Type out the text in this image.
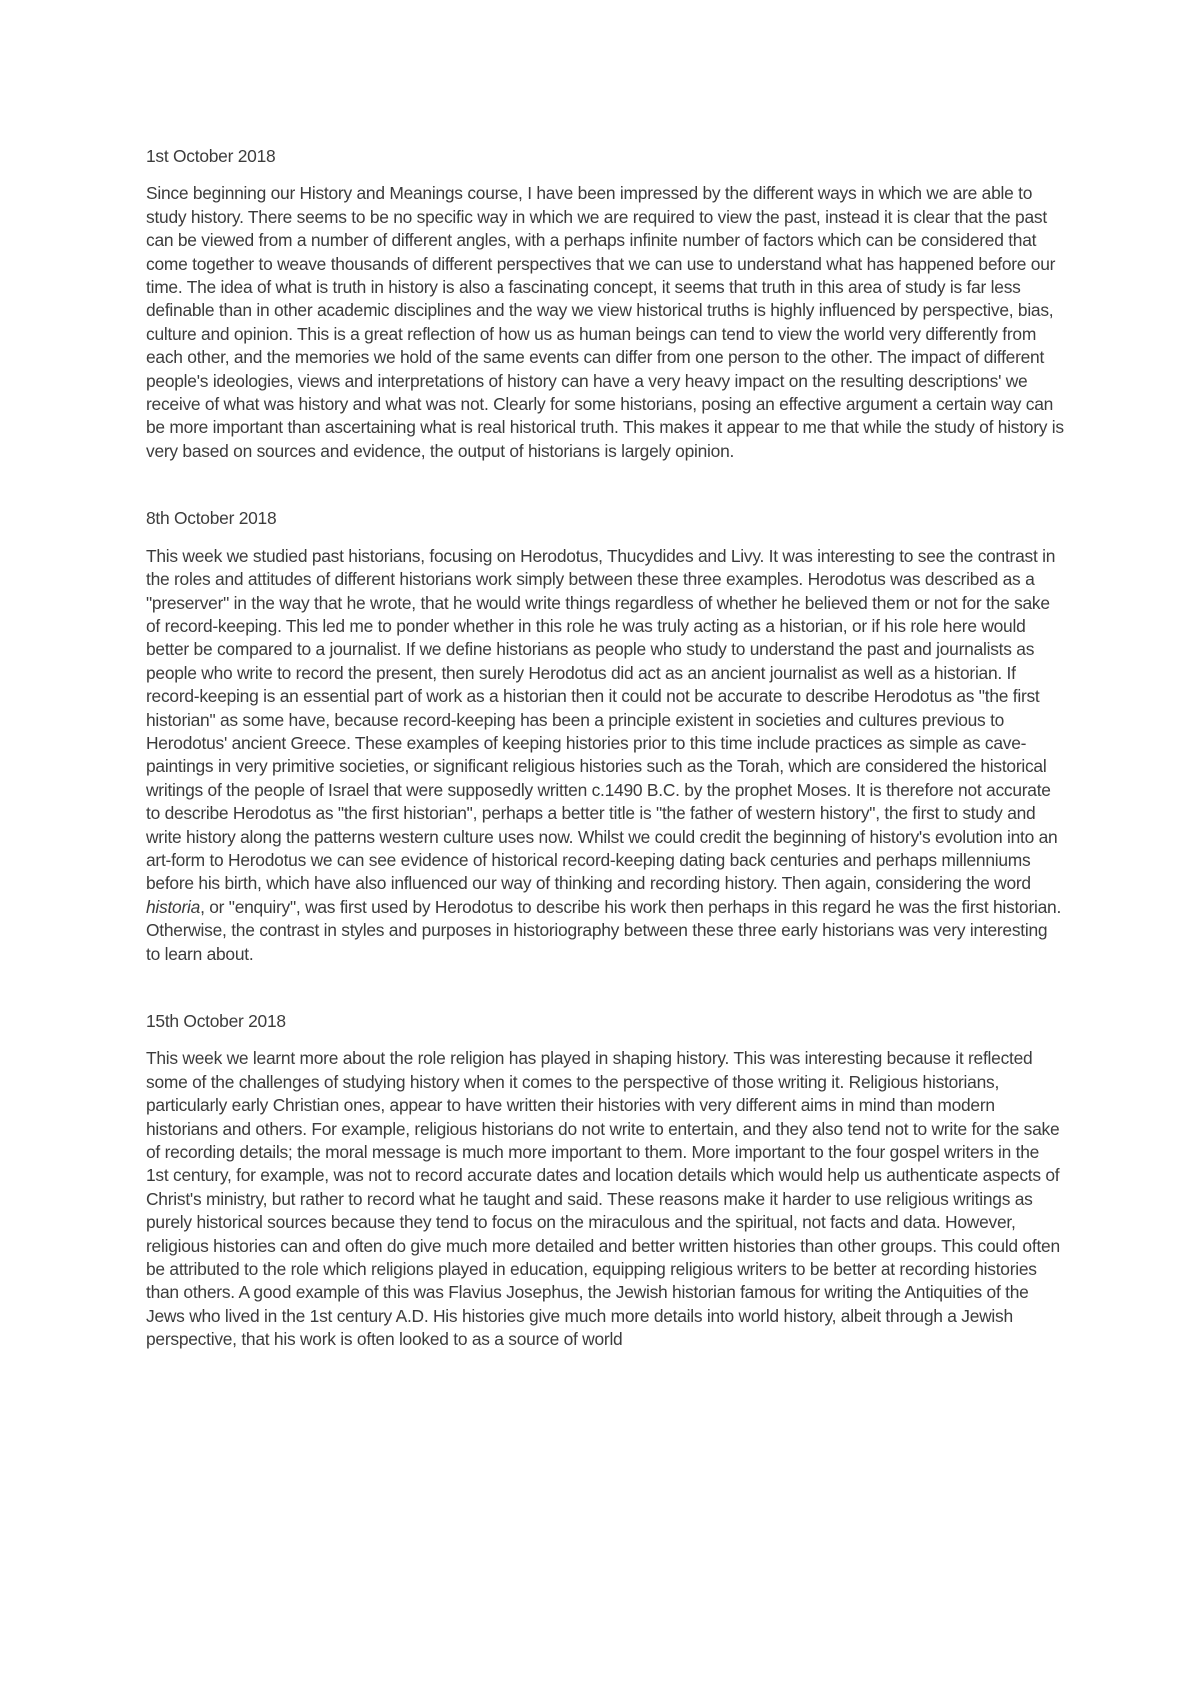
1st October 2018

Since beginning our History and Meanings course, I have been impressed by the different ways in which we are able to study history. There seems to be no specific way in which we are required to view the past, instead it is clear that the past can be viewed from a number of different angles, with a perhaps infinite number of factors which can be considered that come together to weave thousands of different perspectives that we can use to understand what has happened before our time. The idea of what is truth in history is also a fascinating concept, it seems that truth in this area of study is far less definable than in other academic disciplines and the way we view historical truths is highly influenced by perspective, bias, culture and opinion. This is a great reflection of how us as human beings can tend to view the world very differently from each other, and the memories we hold of the same events can differ from one person to the other. The impact of different people's ideologies, views and interpretations of history can have a very heavy impact on the resulting descriptions' we receive of what was history and what was not. Clearly for some historians, posing an effective argument a certain way can be more important than ascertaining what is real historical truth. This makes it appear to me that while the study of history is very based on sources and evidence, the output of historians is largely opinion.

8th October 2018

This week we studied past historians, focusing on Herodotus, Thucydides and Livy. It was interesting to see the contrast in the roles and attitudes of different historians work simply between these three examples. Herodotus was described as a "preserver" in the way that he wrote, that he would write things regardless of whether he believed them or not for the sake of record-keeping. This led me to ponder whether in this role he was truly acting as a historian, or if his role here would better be compared to a journalist. If we define historians as people who study to understand the past and journalists as people who write to record the present, then surely Herodotus did act as an ancient journalist as well as a historian. If record-keeping is an essential part of work as a historian then it could not be accurate to describe Herodotus as "the first historian" as some have, because record-keeping has been a principle existent in societies and cultures previous to Herodotus' ancient Greece. These examples of keeping histories prior to this time include practices as simple as cave-paintings in very primitive societies, or significant religious histories such as the Torah, which are considered the historical writings of the people of Israel that were supposedly written c.1490 B.C. by the prophet Moses. It is therefore not accurate to describe Herodotus as "the first historian", perhaps a better title is "the father of western history", the first to study and write history along the patterns western culture uses now. Whilst we could credit the beginning of history's evolution into an art-form to Herodotus we can see evidence of historical record-keeping dating back centuries and perhaps millenniums before his birth, which have also influenced our way of thinking and recording history. Then again, considering the word historia, or "enquiry", was first used by Herodotus to describe his work then perhaps in this regard he was the first historian. Otherwise, the contrast in styles and purposes in historiography between these three early historians was very interesting to learn about.

15th October 2018

This week we learnt more about the role religion has played in shaping history. This was interesting because it reflected some of the challenges of studying history when it comes to the perspective of those writing it. Religious historians, particularly early Christian ones, appear to have written their histories with very different aims in mind than modern historians and others. For example, religious historians do not write to entertain, and they also tend not to write for the sake of recording details; the moral message is much more important to them. More important to the four gospel writers in the 1st century, for example, was not to record accurate dates and location details which would help us authenticate aspects of Christ's ministry, but rather to record what he taught and said. These reasons make it harder to use religious writings as purely historical sources because they tend to focus on the miraculous and the spiritual, not facts and data. However, religious histories can and often do give much more detailed and better written histories than other groups. This could often be attributed to the role which religions played in education, equipping religious writers to be better at recording histories than others. A good example of this was Flavius Josephus, the Jewish historian famous for writing the Antiquities of the Jews who lived in the 1st century A.D. His histories give much more details into world history, albeit through a Jewish perspective, that his work is often looked to as a source of world
